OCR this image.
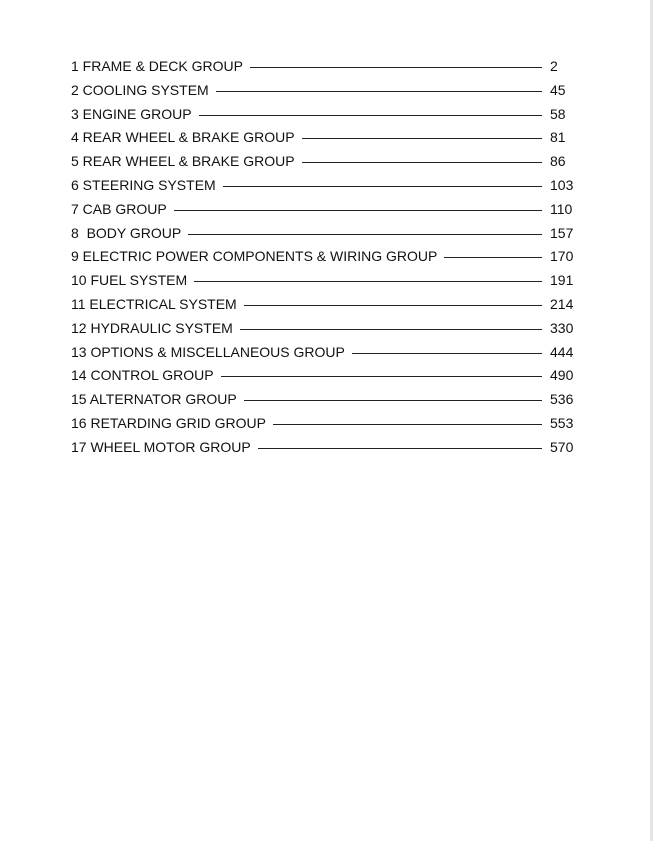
1 FRAME & DECK GROUP	2
2 COOLING SYSTEM	45
3 ENGINE GROUP	58
4 REAR WHEEL & BRAKE GROUP	81
5 REAR WHEEL & BRAKE GROUP	86
6 STEERING SYSTEM	103
7 CAB GROUP	110
8  BODY GROUP	157
9 ELECTRIC POWER COMPONENTS & WIRING GROUP	170
10 FUEL SYSTEM	191
11 ELECTRICAL SYSTEM	214
12 HYDRAULIC SYSTEM	330
13 OPTIONS & MISCELLANEOUS GROUP	444
14 CONTROL GROUP	490
15 ALTERNATOR GROUP	536
16 RETARDING GRID GROUP	553
17 WHEEL MOTOR GROUP	570
